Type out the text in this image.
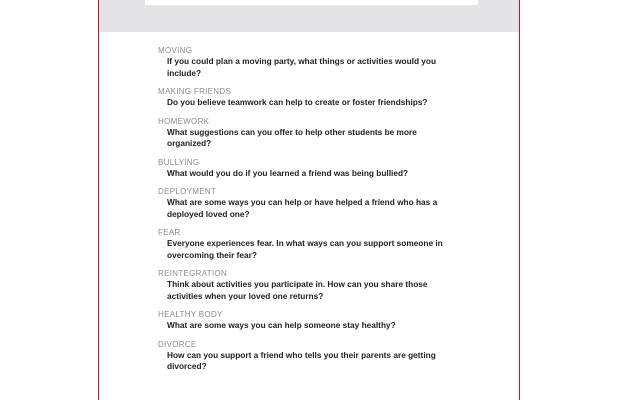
MOVING
If you could plan a moving party, what things or activities would you include?
MAKING FRIENDS
Do you believe teamwork can help to create or foster friendships?
HOMEWORK
What suggestions can you offer to help other students be more organized?
BULLYING
What would you do if you learned a friend was being bullied?
DEPLOYMENT
What are some ways you can help or have helped a friend who has a deployed loved one?
FEAR
Everyone experiences fear. In what ways can you support someone in overcoming their fear?
REINTEGRATION
Think about activities you participate in. How can you share those activities when your loved one returns?
HEALTHY BODY
What are some ways you can help someone stay healthy?
DIVORCE
How can you support a friend who tells you their parents are getting divorced?
